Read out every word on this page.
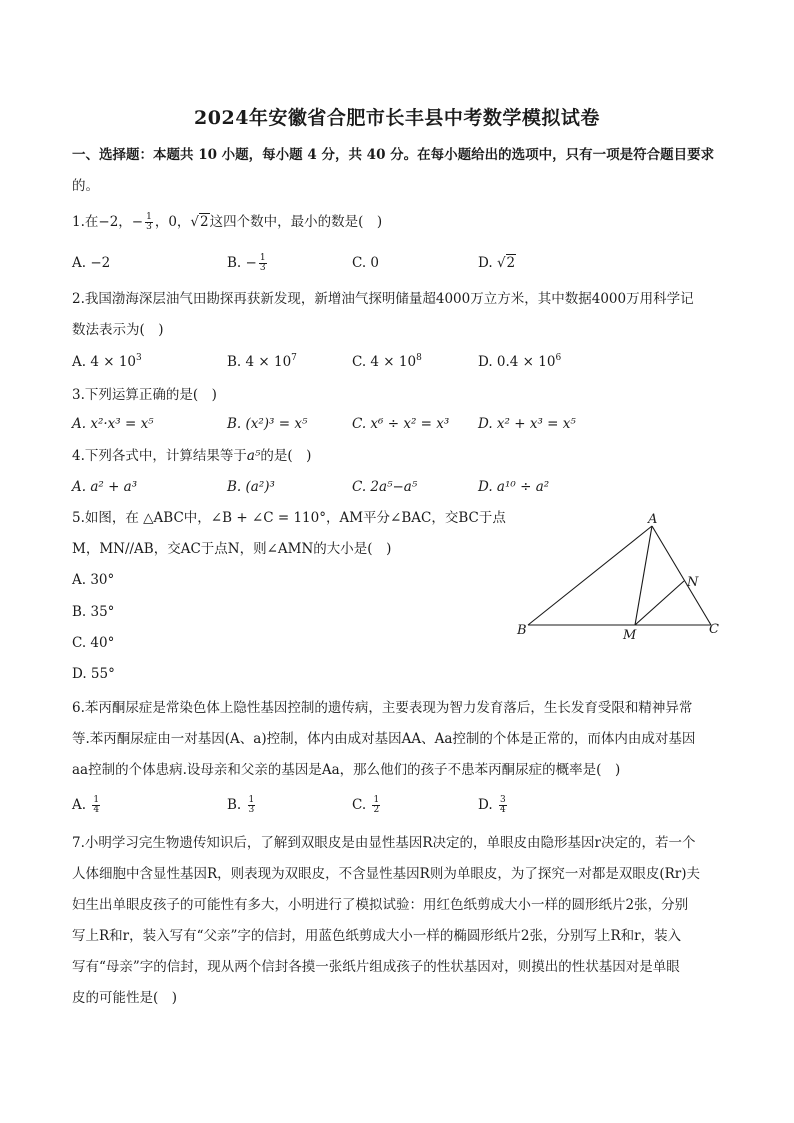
2024年安徽省合肥市长丰县中考数学模拟试卷
一、选择题：本题共 10 小题，每小题 4 分，共 40 分。在每小题给出的选项中，只有一项是符合题目要求
的。
1.在−2，− $\frac{1}{3}$ ，0，√2这四个数中，最小的数是(　)
A. −2	B. − $\frac{1}{3}$	C. 0	D. √2
2.我国渤海深层油气田勘探再获新发现，新增油气探明储量超4000万立方米，其中数据4000万用科学记
数法表示为(　)
A. $4 \times 10^3$	B. $4 \times 10^7$	C. $4 \times 10^8$	D. $0.4 \times 10^6$
3.下列运算正确的是(　)
A. x²·x³ = x⁵	B. (x²)³ = x⁵	C. x⁶ ÷ x² = x³ D. x² + x³ = x⁵
4.下列各式中，计算结果等于a⁵的是(　)
A. a² + a³	B. (a²)³	C. 2a⁵−a⁵	D. a¹⁰ ÷ a²
5.如图，在 △ABC中，∠B + ∠C = 110°，AM平分∠BAC，交BC于点
M，MN//AB，交AC于点N，则∠AMN的大小是(　)
A. 30°
B. 35°
C. 40°
D. 55°
A
B	C
M
N
6.苯丙酮尿症是常染色体上隐性基因控制的遗传病，主要表现为智力发育落后，生长发育受限和精神异常
等.苯丙酮尿症由一对基因(A、a)控制，体内由成对基因AA、Aa控制的个体是正常的，而体内由成对基因
aa控制的个体患病.设母亲和父亲的基因是Aa，那么他们的孩子不患苯丙酮尿症的概率是(　)
A. $\frac{1}{4}$	B. $\frac{1}{3}$	C. $\frac{1}{2}$	D. $\frac{3}{4}$
7.小明学习完生物遗传知识后，了解到双眼皮是由显性基因R决定的，单眼皮由隐形基因r决定的，若一个
人体细胞中含显性基因R，则表现为双眼皮，不含显性基因R则为单眼皮，为了探究一对都是双眼皮(Rr)夫
妇生出单眼皮孩子的可能性有多大，小明进行了模拟试验：用红色纸剪成大小一样的圆形纸片2张，分别
写上R和r，装入写有“父亲”字的信封，用蓝色纸剪成大小一样的椭圆形纸片2张，分别写上R和r，装入
写有“母亲”字的信封，现从两个信封各摸一张纸片组成孩子的性状基因对，则摸出的性状基因对是单眼
皮的可能性是(　)
